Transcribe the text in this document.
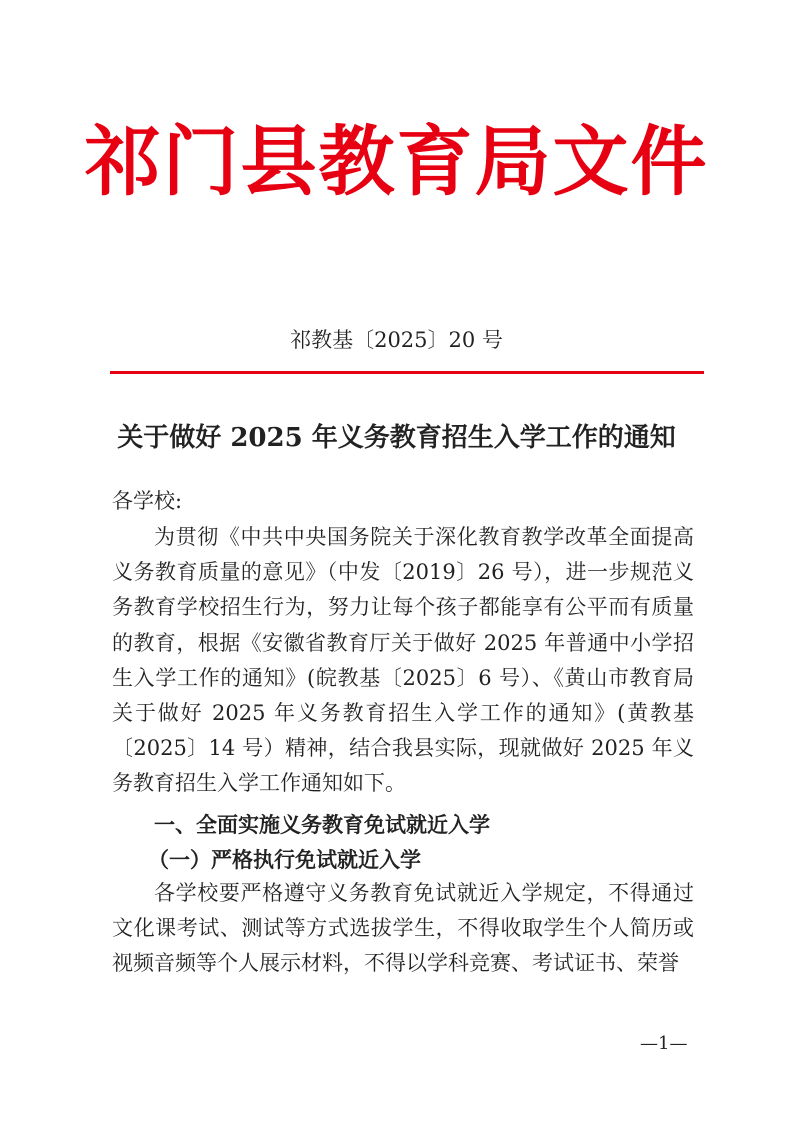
祁门县教育局文件
祁教基〔2025〕20 号
关于做好 2025 年义务教育招生入学工作的通知
各学校:
为贯彻《中共中央国务院关于深化教育教学改革全面提高义务教育质量的意见》（中发〔2019〕26 号），进一步规范义务教育学校招生行为，努力让每个孩子都能享有公平而有质量的教育，根据《安徽省教育厅关于做好 2025 年普通中小学招生入学工作的通知》(皖教基〔2025〕6 号）、《黄山市教育局关于做好 2025 年义务教育招生入学工作的通知》(黄教基〔2025〕14 号）精神，结合我县实际，现就做好 2025 年义务教育招生入学工作通知如下。
一、全面实施义务教育免试就近入学
（一）严格执行免试就近入学
各学校要严格遵守义务教育免试就近入学规定，不得通过文化课考试、测试等方式选拔学生，不得收取学生个人简历或视频音频等个人展示材料，不得以学科竞赛、考试证书、荣誉
—1—
